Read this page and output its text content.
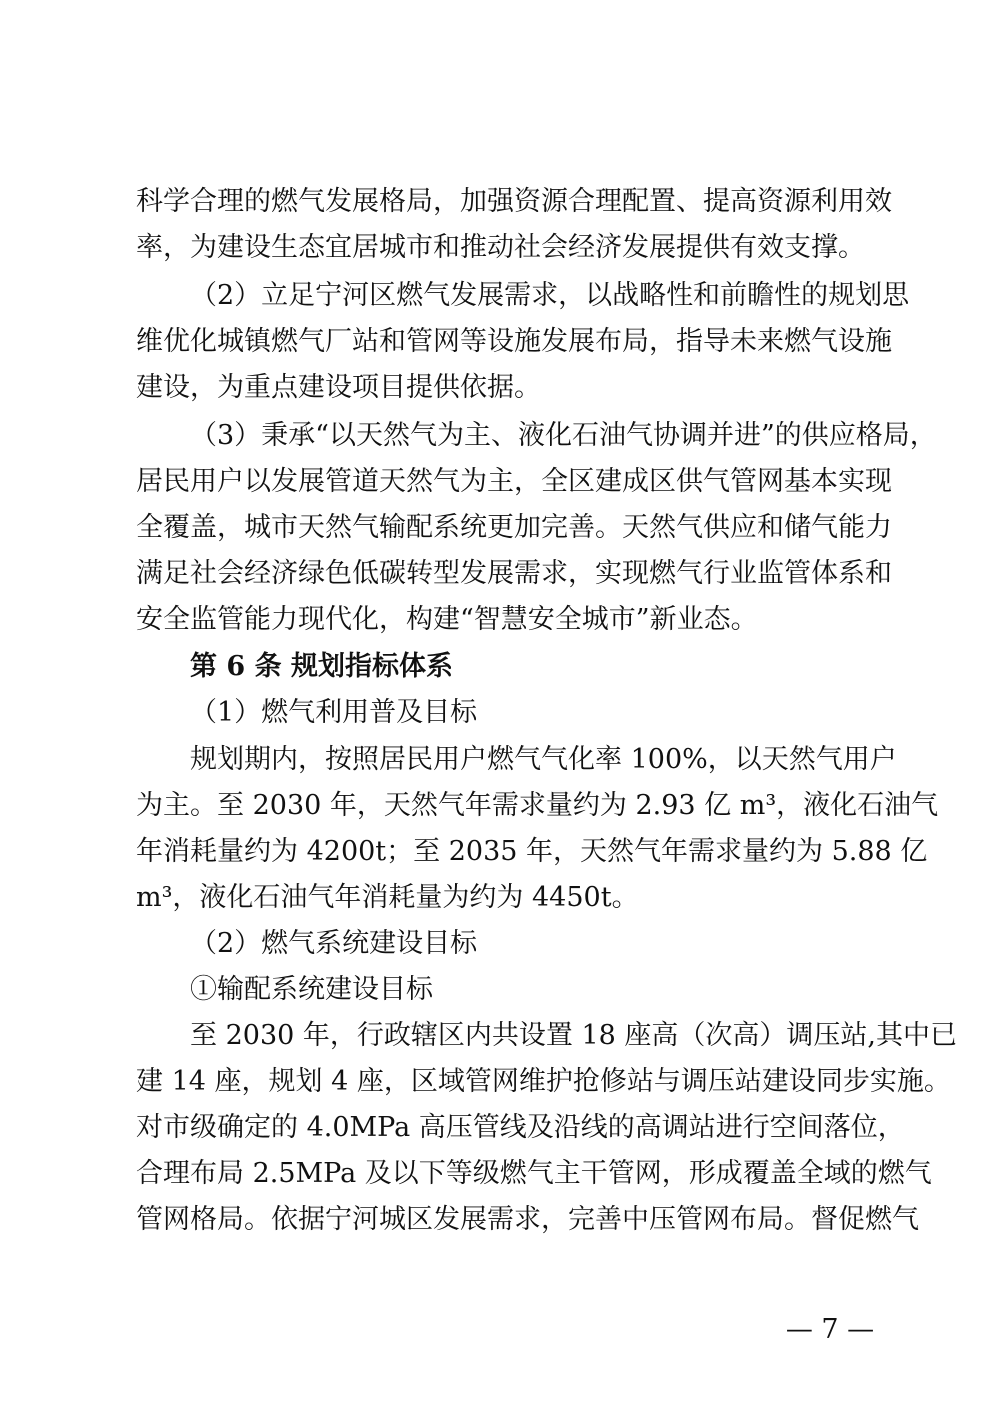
科学合理的燃气发展格局，加强资源合理配置、提高资源利用效
率，为建设生态宜居城市和推动社会经济发展提供有效支撑。
（2）立足宁河区燃气发展需求，以战略性和前瞻性的规划思
维优化城镇燃气厂站和管网等设施发展布局，指导未来燃气设施
建设，为重点建设项目提供依据。
（3）秉承“以天然气为主、液化石油气协调并进”的供应格局，
居民用户以发展管道天然气为主，全区建成区供气管网基本实现
全覆盖，城市天然气输配系统更加完善。天然气供应和储气能力
满足社会经济绿色低碳转型发展需求，实现燃气行业监管体系和
安全监管能力现代化，构建“智慧安全城市”新业态。
第 6 条 规划指标体系
（1）燃气利用普及目标
规划期内，按照居民用户燃气气化率 100%，以天然气用户
为主。至 2030 年，天然气年需求量约为 2.93 亿 m³，液化石油气
年消耗量约为 4200t；至 2035 年，天然气年需求量约为 5.88 亿
m³，液化石油气年消耗量为约为 4450t。
（2）燃气系统建设目标
①输配系统建设目标
至 2030 年，行政辖区内共设置 18 座高（次高）调压站,其中已
建 14 座，规划 4 座，区域管网维护抢修站与调压站建设同步实施。
对市级确定的 4.0MPa 高压管线及沿线的高调站进行空间落位，
合理布局 2.5MPa 及以下等级燃气主干管网，形成覆盖全域的燃气
管网格局。依据宁河城区发展需求，完善中压管网布局。督促燃气
— 7 —
